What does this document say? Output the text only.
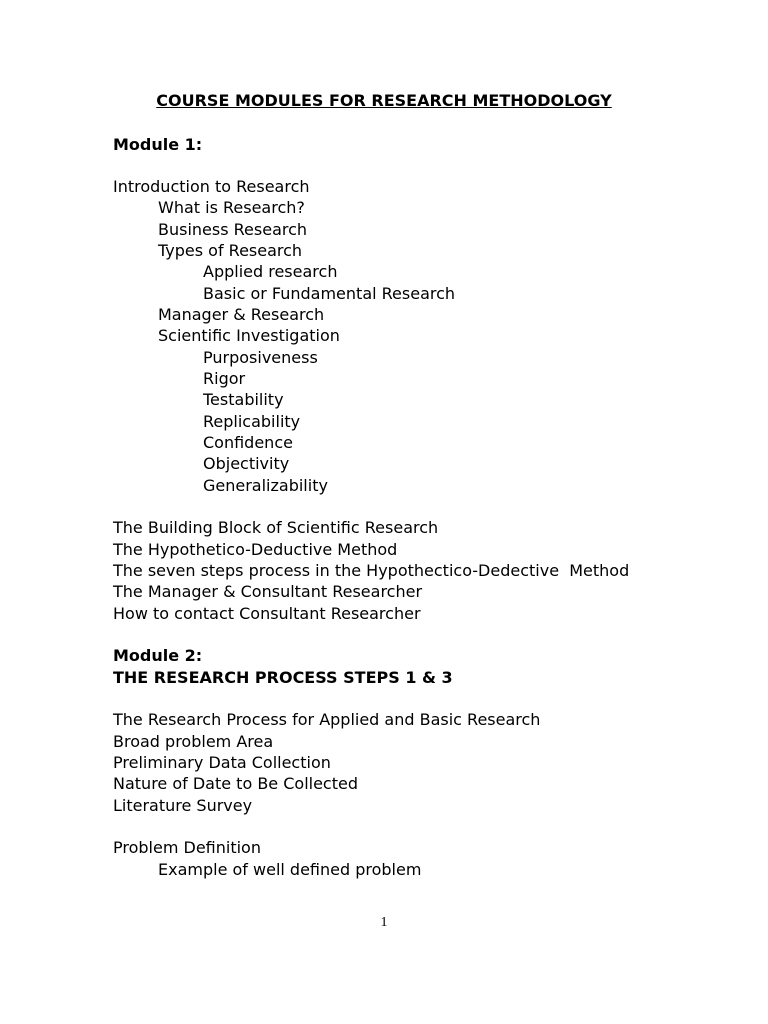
COURSE MODULES FOR RESEARCH METHODOLOGY
Module 1:
Introduction to Research
What is Research?
Business Research
Types of Research
Applied research
Basic or Fundamental Research
Manager & Research
Scientific Investigation
Purposiveness
Rigor
Testability
Replicability
Confidence
Objectivity
Generalizability
The Building Block of Scientific Research
The Hypothetico-Deductive Method
The seven steps process in the Hypothectico-Dedective  Method
The Manager & Consultant Researcher
How to contact Consultant Researcher
Module 2:
THE RESEARCH PROCESS STEPS 1 & 3
The Research Process for Applied and Basic Research
Broad problem Area
Preliminary Data Collection
Nature of Date to Be Collected
Literature Survey
Problem Definition
Example of well defined problem
1
